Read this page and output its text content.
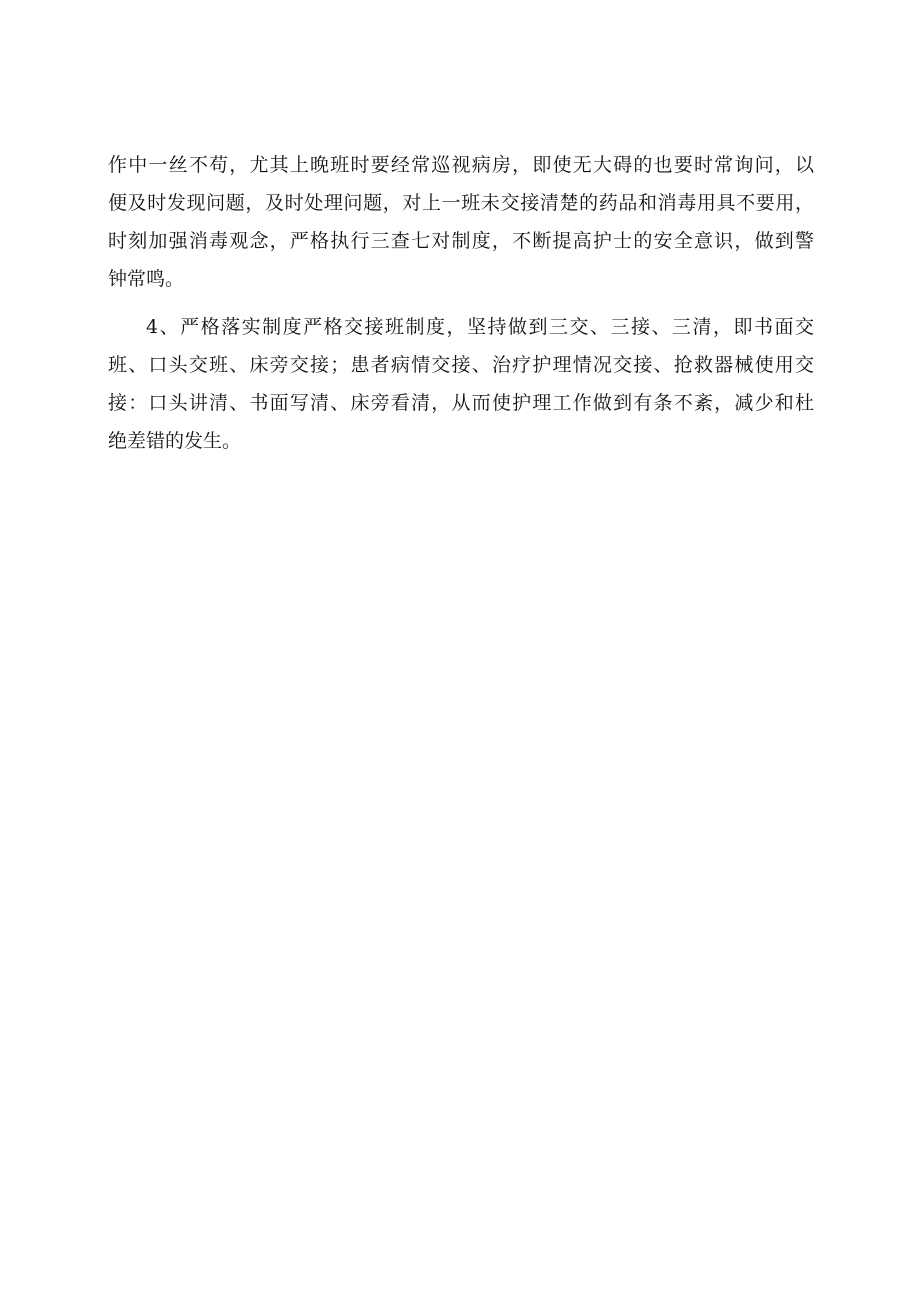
作中一丝不苟，尤其上晚班时要经常巡视病房，即使无大碍的也要时常询问，以
便及时发现问题，及时处理问题，对上一班未交接清楚的药品和消毒用具不要用，
时刻加强消毒观念，严格执行三查七对制度，不断提高护士的安全意识，做到警
钟常鸣。
4、严格落实制度严格交接班制度，坚持做到三交、三接、三清，即书面交
班、口头交班、床旁交接；患者病情交接、治疗护理情况交接、抢救器械使用交
接：口头讲清、书面写清、床旁看清，从而使护理工作做到有条不紊，减少和杜
绝差错的发生。
